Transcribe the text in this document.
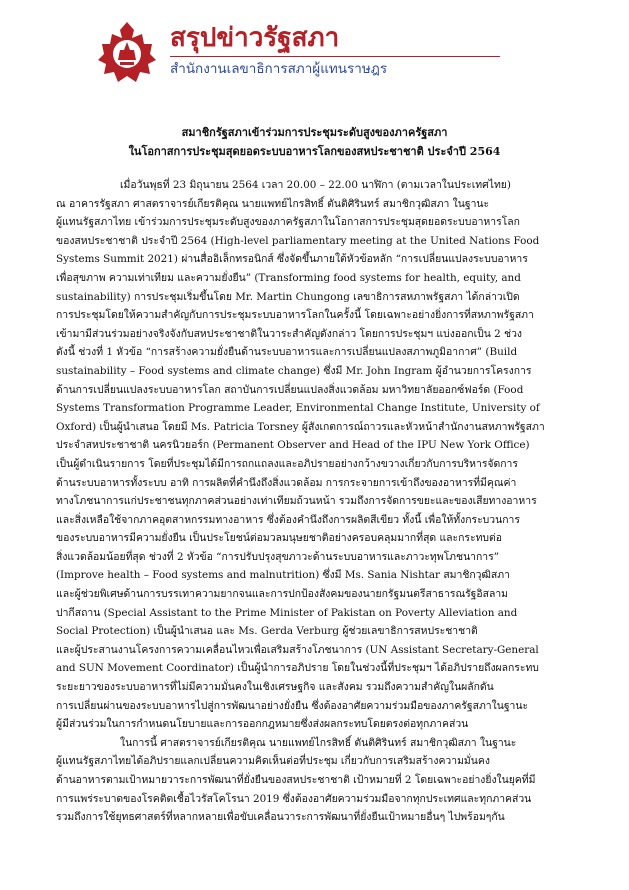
สรุปข่าวรัฐสภา
สำนักงานเลขาธิการสภาผู้แทนราษฎร
สมาชิกรัฐสภาเข้าร่วมการประชุมระดับสูงของภาครัฐสภา
ในโอกาสการประชุมสุดยอดระบบอาหารโลกของสหประชาชาติ ประจำปี 2564
เมื่อวันพุธที่ 23 มิถุนายน 2564 เวลา 20.00 – 22.00 นาฬิกา (ตามเวลาในประเทศไทย)
ณ อาคารรัฐสภา ศาสตราจารย์เกียรติคุณ นายแพทย์ไกรสิทธิ์ ตันติศิรินทร์ สมาชิกวุฒิสภา ในฐานะ
ผู้แทนรัฐสภาไทย เข้าร่วมการประชุมระดับสูงของภาครัฐสภาในโอกาสการประชุมสุดยอดระบบอาหารโลก
ของสหประชาชาติ ประจำปี 2564 (High-level parliamentary meeting at the United Nations Food
Systems Summit 2021) ผ่านสื่ออิเล็กทรอนิกส์ ซึ่งจัดขึ้นภายใต้หัวข้อหลัก “การเปลี่ยนแปลงระบบอาหาร
เพื่อสุขภาพ ความเท่าเทียม และความยั่งยืน” (Transforming food systems for health, equity, and
sustainability) การประชุมเริ่มขึ้นโดย Mr. Martin Chungong เลขาธิการสหภาพรัฐสภา ได้กล่าวเปิด
การประชุมโดยให้ความสำคัญกับการประชุมระบบอาหารโลกในครั้งนี้ โดยเฉพาะอย่างยิ่งการที่สหภาพรัฐสภา
เข้ามามีส่วนร่วมอย่างจริงจังกับสหประชาชาติในวาระสำคัญดังกล่าว โดยการประชุมฯ แบ่งออกเป็น 2 ช่วง
ดังนี้ ช่วงที่ 1 หัวข้อ “การสร้างความยั่งยืนด้านระบบอาหารและการเปลี่ยนแปลงสภาพภูมิอากาศ” (Build
sustainability – Food systems and climate change) ซึ่งมี Mr. John Ingram ผู้อำนวยการโครงการ
ด้านการเปลี่ยนแปลงระบบอาหารโลก สถาบันการเปลี่ยนแปลงสิ่งแวดล้อม มหาวิทยาลัยออกซ์ฟอร์ด (Food
Systems Transformation Programme Leader, Environmental Change Institute, University of
Oxford) เป็นผู้นำเสนอ โดยมี Ms. Patricia Torsney ผู้สังเกตการณ์ถาวรและหัวหน้าสำนักงานสหภาพรัฐสภา
ประจำสหประชาชาติ นครนิวยอร์ก (Permanent Observer and Head of the IPU New York Office)
เป็นผู้ดำเนินรายการ โดยที่ประชุมได้มีการถกแถลงและอภิปรายอย่างกว้างขวางเกี่ยวกับการบริหารจัดการ
ด้านระบบอาหารทั้งระบบ อาทิ การผลิตที่คำนึงถึงสิ่งแวดล้อม การกระจายการเข้าถึงของอาหารที่มีคุณค่า
ทางโภชนาการแก่ประชาชนทุกภาคส่วนอย่างเท่าเทียมถ้วนหน้า รวมถึงการจัดการขยะและของเสียทางอาหาร
และสิ่งเหลือใช้จากภาคอุตสาหกรรมทางอาหาร ซึ่งต้องคำนึงถึงการผลิตสีเขียว ทั้งนี้ เพื่อให้ทั้งกระบวนการ
ของระบบอาหารมีความยั่งยืน เป็นประโยชน์ต่อมวลมนุษยชาติอย่างครอบคลุมมากที่สุด และกระทบต่อ
สิ่งแวดล้อมน้อยที่สุด ช่วงที่ 2 หัวข้อ “การปรับปรุงสุขภาวะด้านระบบอาหารและภาวะทุพโภชนาการ”
(Improve health – Food systems and malnutrition) ซึ่งมี Ms. Sania Nishtar สมาชิกวุฒิสภา
และผู้ช่วยพิเศษด้านการบรรเทาความยากจนและการปกป้องสังคมของนายกรัฐมนตรีสาธารณรัฐอิสลาม
ปากีสถาน (Special Assistant to the Prime Minister of Pakistan on Poverty Alleviation and
Social Protection) เป็นผู้นำเสนอ และ Ms. Gerda Verburg ผู้ช่วยเลขาธิการสหประชาชาติ
และผู้ประสานงานโครงการความเคลื่อนไหวเพื่อเสริมสร้างโภชนาการ (UN Assistant Secretary-General
and SUN Movement Coordinator) เป็นผู้นำการอภิปราย โดยในช่วงนี้ที่ประชุมฯ ได้อภิปรายถึงผลกระทบ
ระยะยาวของระบบอาหารที่ไม่มีความมั่นคงในเชิงเศรษฐกิจ และสังคม รวมถึงความสำคัญในผลักดัน
การเปลี่ยนผ่านของระบบอาหารไปสู่การพัฒนาอย่างยั่งยืน ซึ่งต้องอาศัยความร่วมมือของภาครัฐสภาในฐานะ
ผู้มีส่วนร่วมในการกำหนดนโยบายและการออกกฎหมายซึ่งส่งผลกระทบโดยตรงต่อทุกภาคส่วน
ในการนี้ ศาสตราจารย์เกียรติคุณ นายแพทย์ไกรสิทธิ์ ตันติศิรินทร์ สมาชิกวุฒิสภา ในฐานะ
ผู้แทนรัฐสภาไทยได้อภิปรายแลกเปลี่ยนความคิดเห็นต่อที่ประชุม เกี่ยวกับการเสริมสร้างความมั่นคง
ด้านอาหารตามเป้าหมายวาระการพัฒนาที่ยั่งยืนของสหประชาชาติ เป้าหมายที่ 2 โดยเฉพาะอย่างยิ่งในยุคที่มี
การแพร่ระบาดของโรคติดเชื้อไวรัสโคโรนา 2019 ซึ่งต้องอาศัยความร่วมมือจากทุกประเทศและทุกภาคส่วน
รวมถึงการใช้ยุทธศาสตร์ที่หลากหลายเพื่อขับเคลื่อนวาระการพัฒนาที่ยั่งยืนเป้าหมายอื่นๆ ไปพร้อมๆกัน
